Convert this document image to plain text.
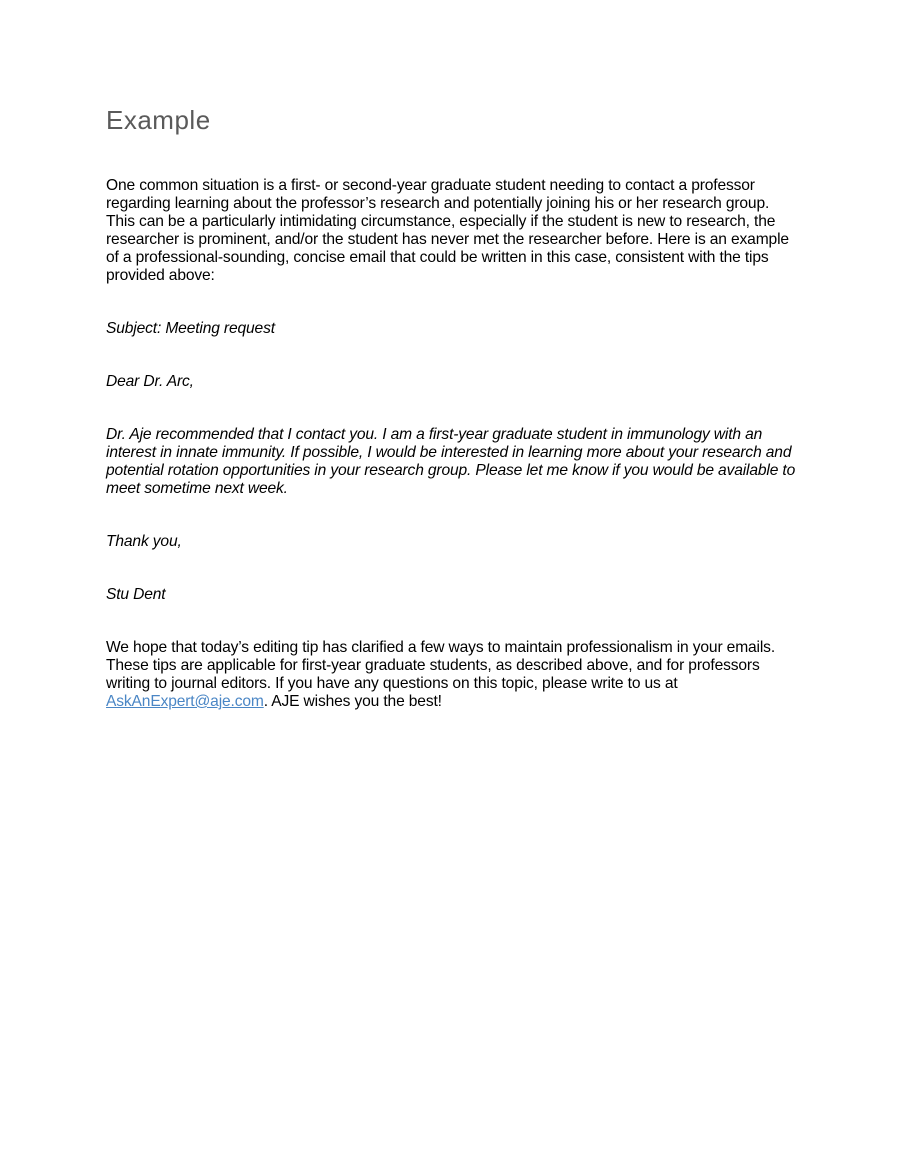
Example

One common situation is a first- or second-year graduate student needing to contact a professor regarding learning about the professor’s research and potentially joining his or her research group. This can be a particularly intimidating circumstance, especially if the student is new to research, the researcher is prominent, and/or the student has never met the researcher before. Here is an example of a professional-sounding, concise email that could be written in this case, consistent with the tips provided above:

Subject: Meeting request

Dear Dr. Arc,

Dr. Aje recommended that I contact you. I am a first-year graduate student in immunology with an interest in innate immunity. If possible, I would be interested in learning more about your research and potential rotation opportunities in your research group. Please let me know if you would be available to meet sometime next week.

Thank you,

Stu Dent

We hope that today’s editing tip has clarified a few ways to maintain professionalism in your emails. These tips are applicable for first-year graduate students, as described above, and for professors writing to journal editors. If you have any questions on this topic, please write to us at AskAnExpert@aje.com. AJE wishes you the best!
